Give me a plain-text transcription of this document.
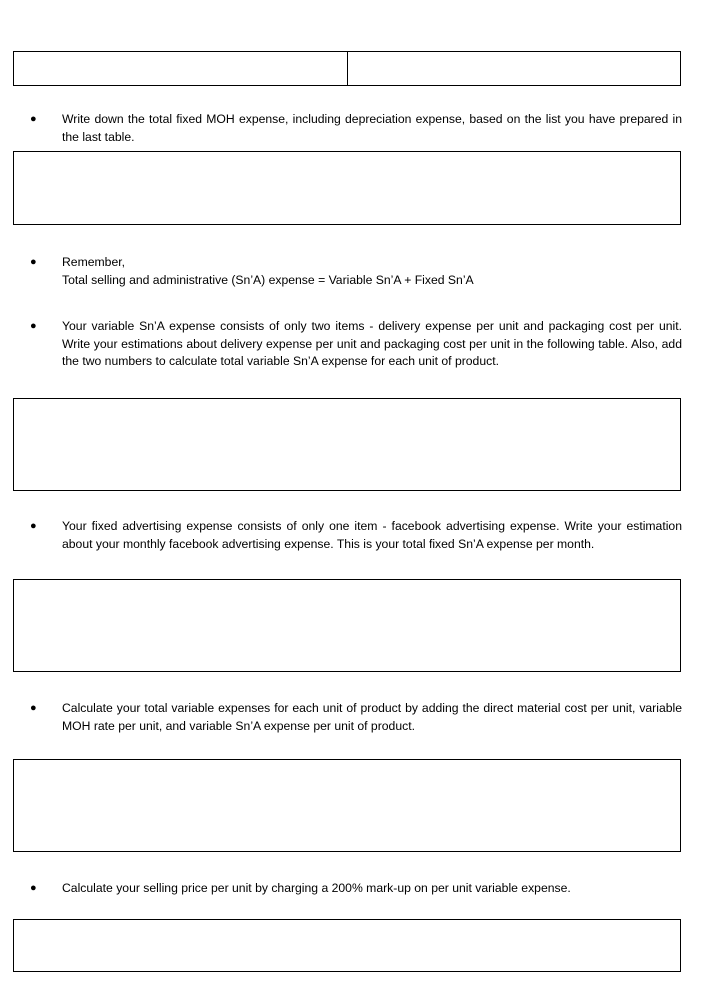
●	Write down the total fixed MOH expense, including depreciation expense, based on the list you have prepared in the last table.
●	Remember,
Total selling and administrative (Sn’A) expense = Variable Sn’A + Fixed Sn’A
●	Your variable Sn’A expense consists of only two items - delivery expense per unit and packaging cost per unit. Write your estimations about delivery expense per unit and packaging cost per unit in the following table. Also, add the two numbers to calculate total variable Sn’A expense for each unit of product.
●	Your fixed advertising expense consists of only one item - facebook advertising expense. Write your estimation about your monthly facebook advertising expense. This is your total fixed Sn’A expense per month.
●	Calculate your total variable expenses for each unit of product by adding the direct material cost per unit, variable MOH rate per unit, and variable Sn’A expense per unit of product.
●	Calculate your selling price per unit by charging a 200% mark-up on per unit variable expense.
